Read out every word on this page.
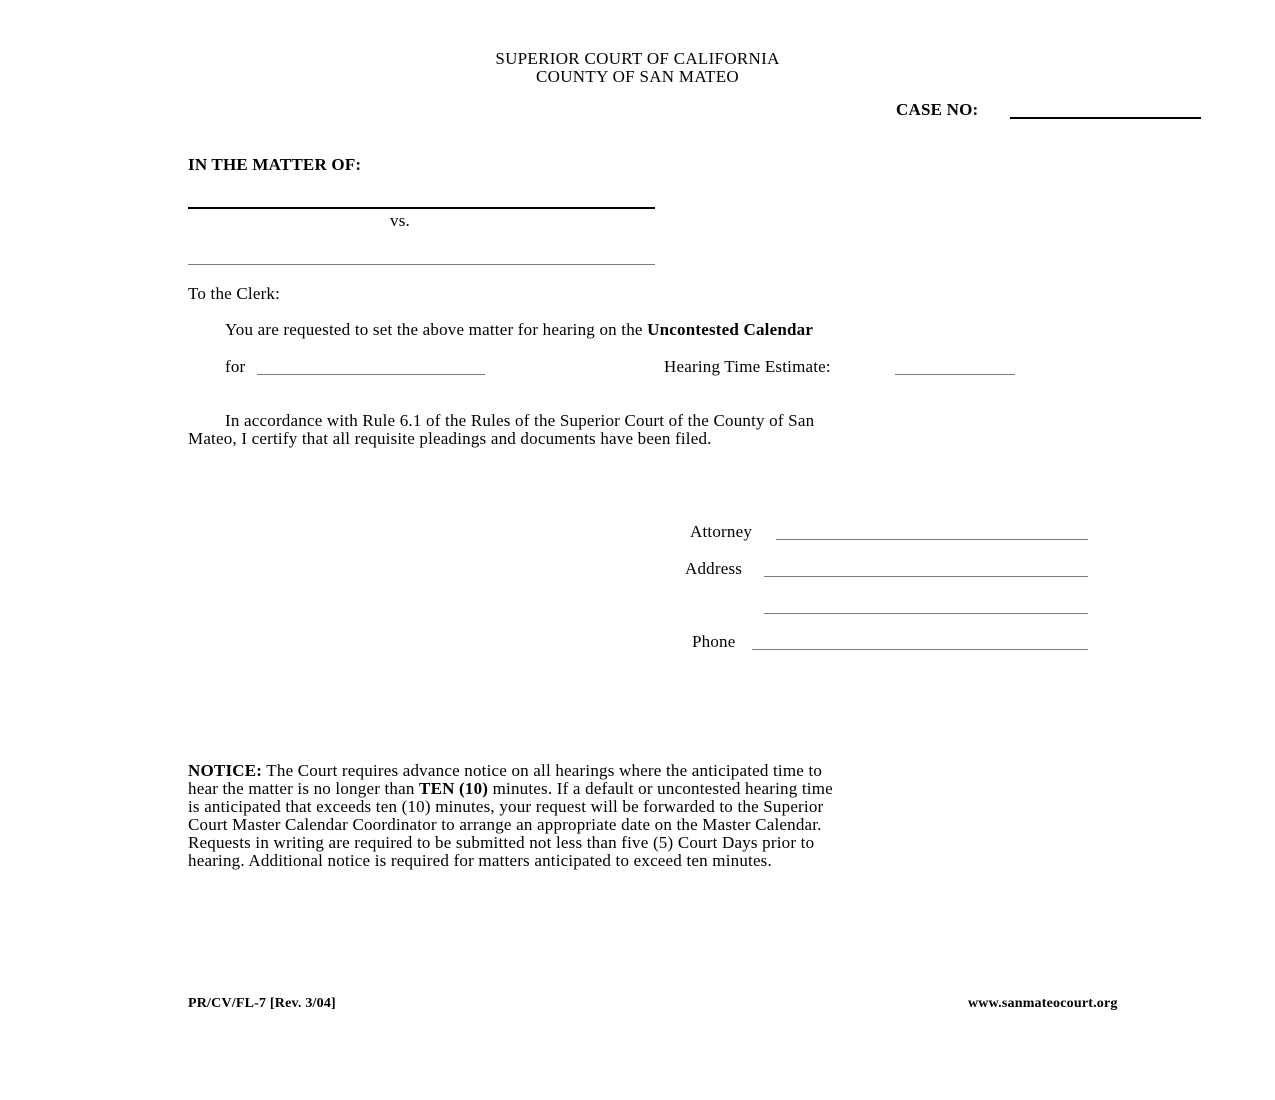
SUPERIOR COURT OF CALIFORNIA
COUNTY OF SAN MATEO
CASE NO:
IN THE MATTER OF:
vs.
To the Clerk:
You are requested to set the above matter for hearing on the Uncontested Calendar
for	Hearing Time Estimate:
In accordance with Rule 6.1 of the Rules of the Superior Court of the County of San
Mateo, I certify that all requisite pleadings and documents have been filed.
Attorney
Address
Phone
NOTICE: The Court requires advance notice on all hearings where the anticipated time to
hear the matter is no longer than TEN (10) minutes. If a default or uncontested hearing time
is anticipated that exceeds ten (10) minutes, your request will be forwarded to the Superior
Court Master Calendar Coordinator to arrange an appropriate date on the Master Calendar.
Requests in writing are required to be submitted not less than five (5) Court Days prior to
hearing. Additional notice is required for matters anticipated to exceed ten minutes.
PR/CV/FL-7 [Rev. 3/04]	www.sanmateocourt.org
